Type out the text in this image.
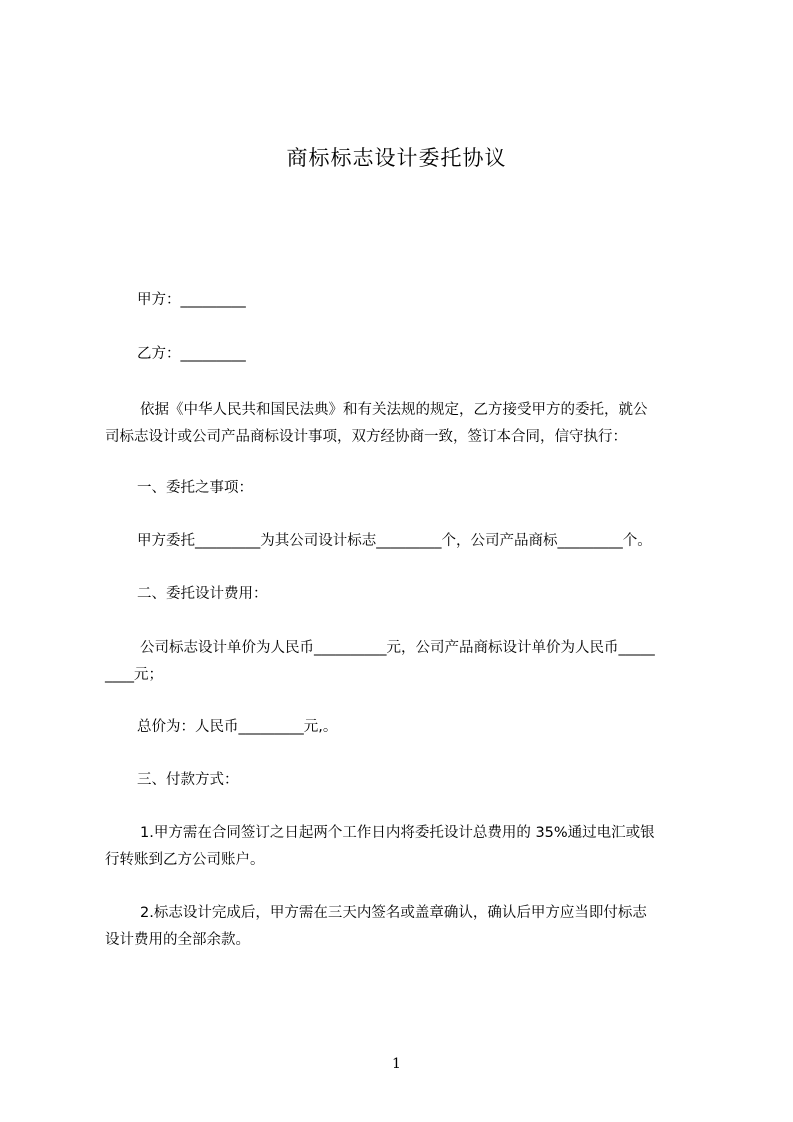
商标标志设计委托协议
甲方：_________
乙方：_________
依据《中华人民共和国民法典》和有关法规的规定，乙方接受甲方的委托，就公
司标志设计或公司产品商标设计事项，双方经协商一致，签订本合同，信守执行：
一、委托之事项：
甲方委托_________为其公司设计标志_________个，公司产品商标_________个。
二、委托设计费用：
公司标志设计单价为人民币__________元，公司产品商标设计单价为人民币_____
____元；
总价为：人民币_________元,。
三、付款方式：
1.甲方需在合同签订之日起两个工作日内将委托设计总费用的 35%通过电汇或银
行转账到乙方公司账户。
2.标志设计完成后，甲方需在三天内签名或盖章确认，确认后甲方应当即付标志
设计费用的全部余款。
1
